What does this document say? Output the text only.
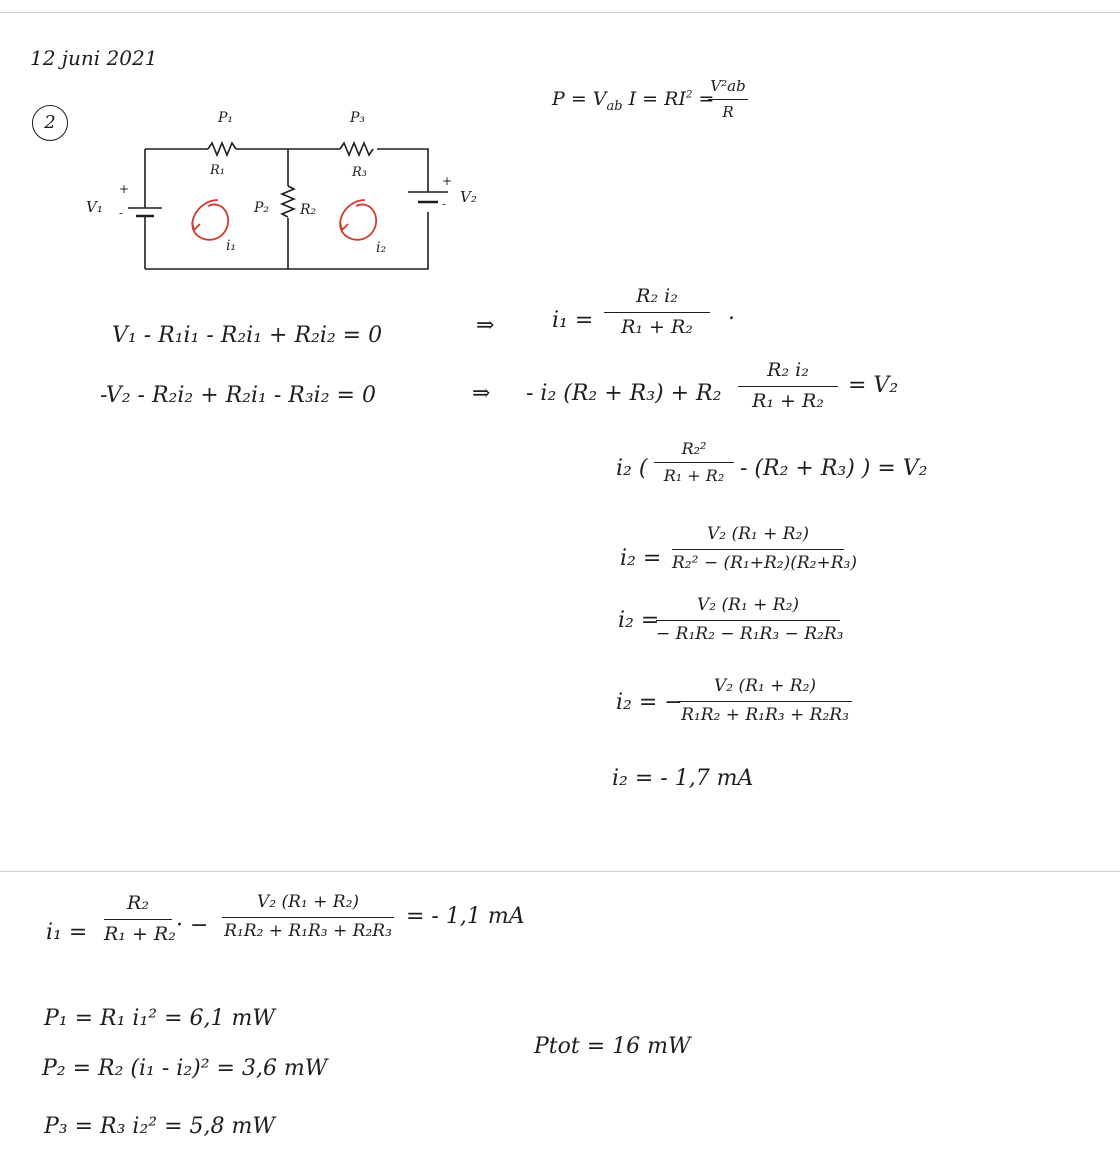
12 juni 2021
2	P₁
R₁
P₃
R₃
P₂ R₂
V₁
V₂
i₁	i₂
+
-
+
-
$P = V_{ab}$ $I = RI^2$ =
V²ab
R
V₁ - R₁i₁ - R₂i₁ + R₂i₂ = 0
-V₂ - R₂i₂ + R₂i₁ - R₃i₂ = 0
⇒
⇒
i₁ =
R₂ i₂
R₁ + R₂
.
- i₂ (R₂ + R₃) + R₂
R₂ i₂
R₁ + R₂
= V₂
i₂ (
R₂²
R₁ + R₂ - (R₂ + R₃) ) = V₂
i₂ =
V₂ (R₁ + R₂)
R₂² − (R₁+R₂)(R₂+R₃)
i₂ =
V₂ (R₁ + R₂)
− R₁R₂ − R₁R₃ − R₂R₃
i₂ = −
V₂ (R₁ + R₂)
R₁R₂ + R₁R₃ + R₂R₃
i₂ = - 1,7 mA
i₁ =
R₂
R₁ + R₂ · −
V₂ (R₁ + R₂)
R₁R₂ + R₁R₃ + R₂R₃
= - 1,1 mA
P₁ = R₁ i₁² = 6,1 mW
P₂ = R₂ (i₁ - i₂)² = 3,6 mW
P₃ = R₃ i₂² = 5,8 mW
Ptot = 16 mW
